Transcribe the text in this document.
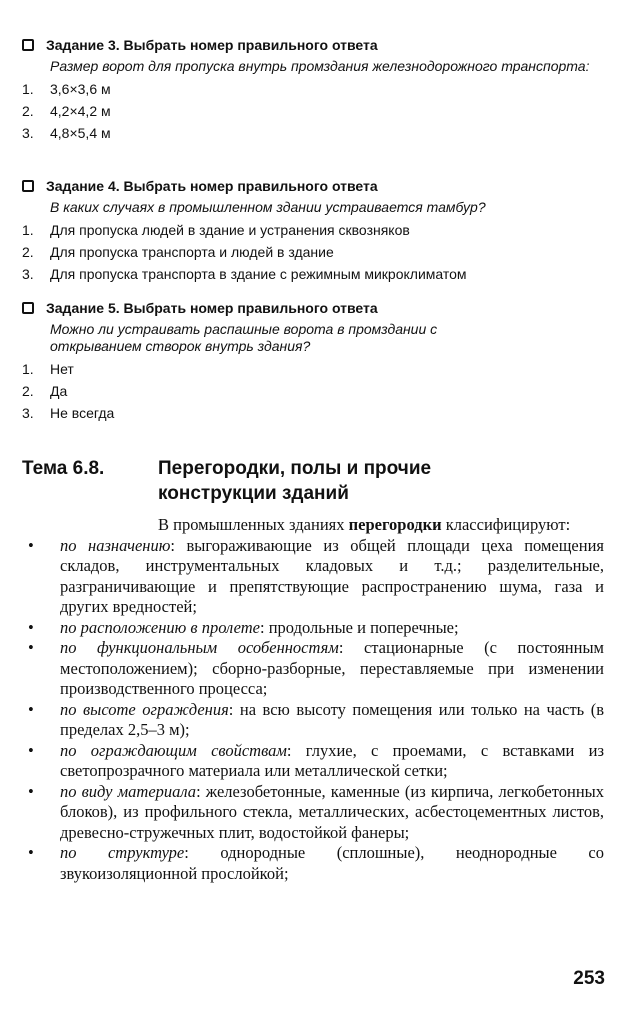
Задание 3. Выбрать номер правильного ответа
Размер ворот для пропуска внутрь промздания железнодорожного транспорта:
1.	3,6×3,6 м
2.	4,2×4,2 м
3.	4,8×5,4 м
Задание 4. Выбрать номер правильного ответа
В каких случаях в промышленном здании устраивается тамбур?
1.	Для пропуска людей в здание и устранения сквозняков
2.	Для пропуска транспорта и людей в здание
3.	Для пропуска транспорта в здание с режимным микроклиматом
Задание 5. Выбрать номер правильного ответа
Можно ли устраивать распашные ворота в промздании с открыванием створок внутрь здания?
1.	Нет
2.	Да
3.	Не всегда
Тема 6.8.	Перегородки, полы и прочие конструкции зданий

В промышленных зданиях перегородки классифицируют:

• по назначению: выгораживающие из общей площади цеха помещения складов, инструментальных кладовых и т.д.; разделительные, разграничивающие и препятствующие распространению шума, газа и других вредностей;
• по расположению в пролете: продольные и поперечные;
• по функциональным особенностям: стационарные (с постоянным местоположением); сборно-разборные, переставляемые при изменении производственного процесса;
• по высоте ограждения: на всю высоту помещения или только на часть (в пределах 2,5–3 м);
• по ограждающим свойствам: глухие, с проемами, с вставками из светопрозрачного материала или металлической сетки;
• по виду материала: железобетонные, каменные (из кирпича, легкобетонных блоков), из профильного стекла, металлических, асбестоцементных листов, древесно-стружечных плит, водостойкой фанеры;
• по структуре: однородные (сплошные), неоднородные со звукоизоляционной прослойкой;
253
